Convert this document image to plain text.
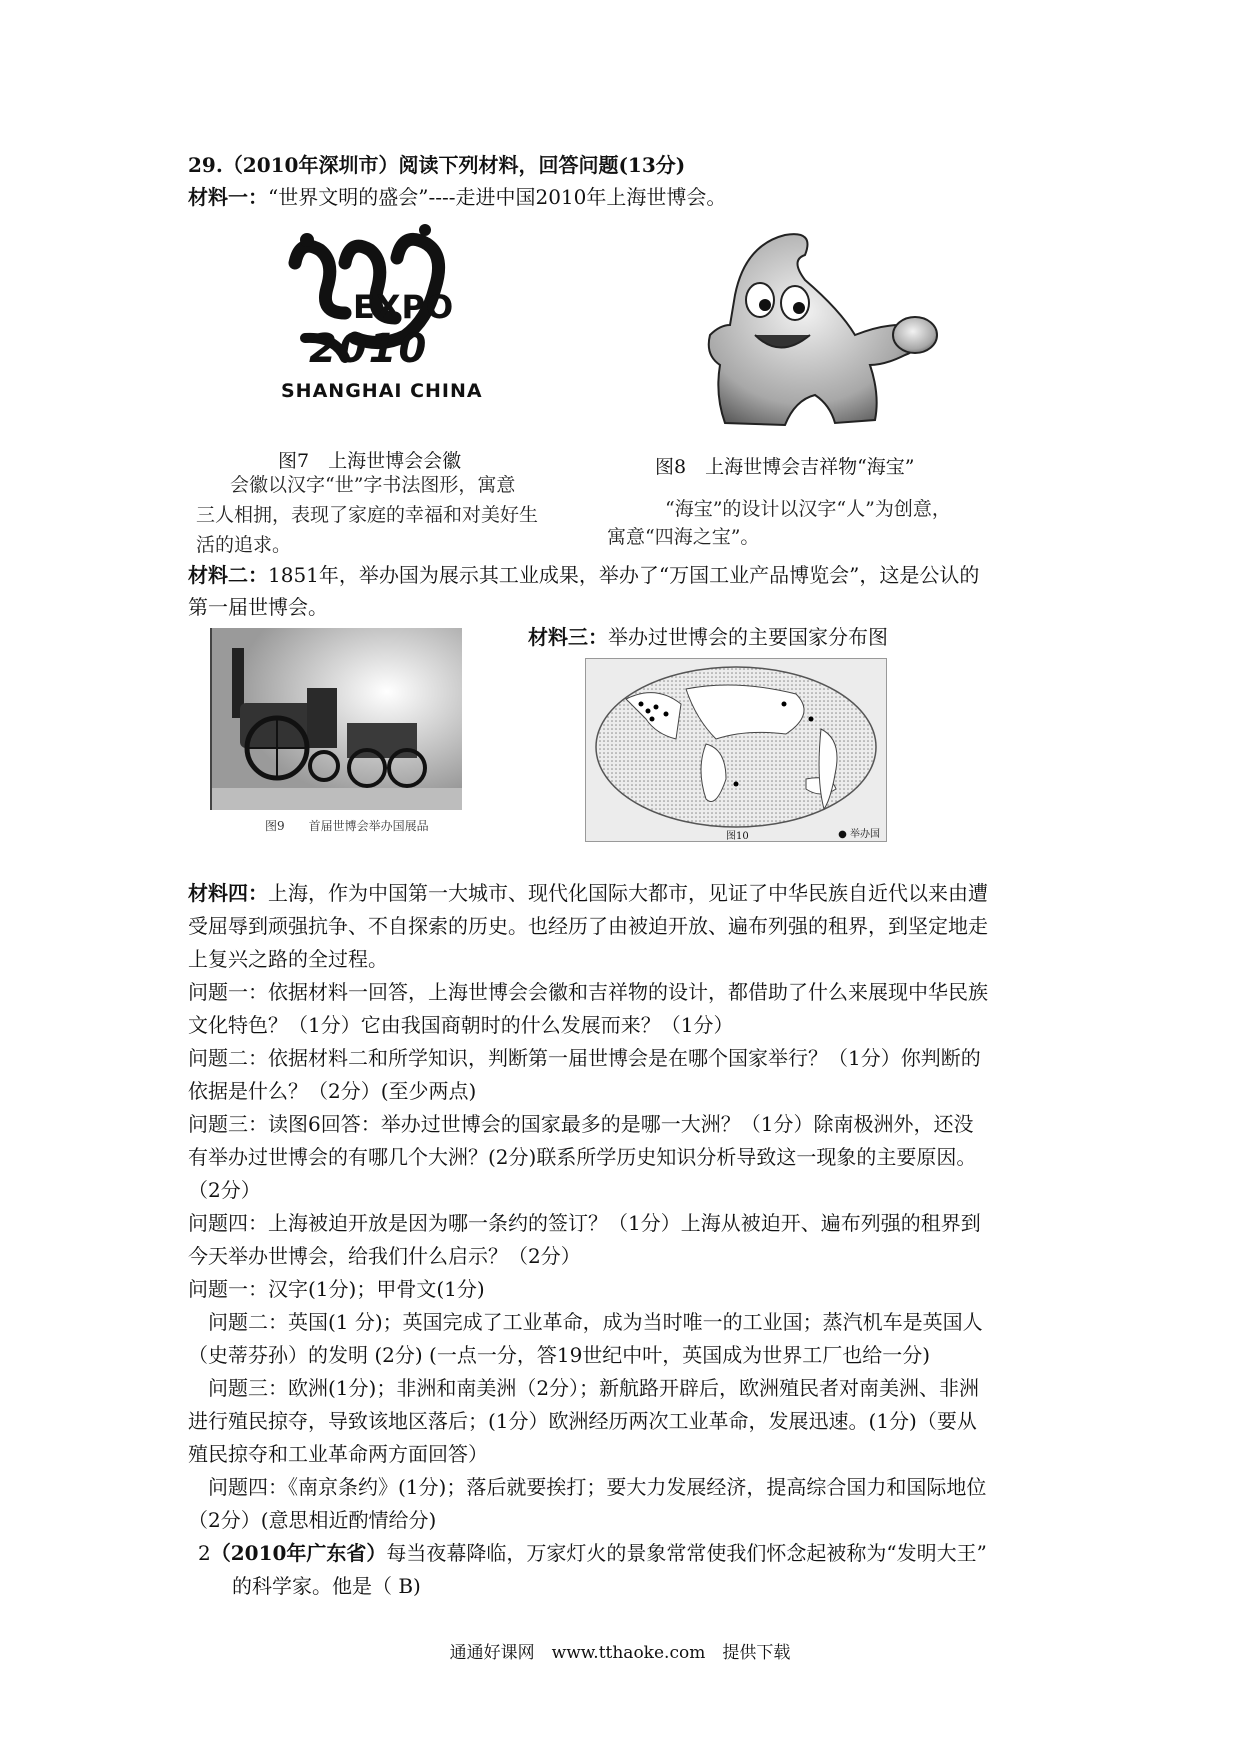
29.（2010年深圳市）阅读下列材料，回答问题(13分)
材料一：“世界文明的盛会”----走进中国2010年上海世博会。
EXPO
2010
SHANGHAI CHINA
图7　上海世博会会徽
会徽以汉字“世”字书法图形，寓意
三人相拥，表现了家庭的幸福和对美好生
活的追求。
图8　上海世博会吉祥物“海宝”
“海宝”的设计以汉字“人”为创意，
寓意“四海之宝”。
材料二：1851年，举办国为展示其工业成果，举办了“万国工业产品博览会”，这是公认的
第一届世博会。
图9　　首届世博会举办国展品
材料三：举办过世博会的主要国家分布图
图10	● 举办国
材料四：上海，作为中国第一大城市、现代化国际大都市，见证了中华民族自近代以来由遭
受屈辱到顽强抗争、不自探索的历史。也经历了由被迫开放、遍布列强的租界，到坚定地走
上复兴之路的全过程。
问题一：依据材料一回答，上海世博会会徽和吉祥物的设计，都借助了什么来展现中华民族
文化特色？（1分）它由我国商朝时的什么发展而来？（1分）
问题二：依据材料二和所学知识，判断第一届世博会是在哪个国家举行？（1分）你判断的
依据是什么？（2分）(至少两点)
问题三：读图6回答：举办过世博会的国家最多的是哪一大洲？（1分）除南极洲外，还没
有举办过世博会的有哪几个大洲？(2分)联系所学历史知识分析导致这一现象的主要原因。
（2分）
问题四：上海被迫开放是因为哪一条约的签订？（1分）上海从被迫开、遍布列强的租界到
今天举办世博会，给我们什么启示？（2分）
问题一：汉字(1分)；甲骨文(1分)
　问题二：英国(1 分)；英国完成了工业革命，成为当时唯一的工业国；蒸汽机车是英国人
（史蒂芬孙）的发明 (2分) (一点一分，答19世纪中叶，英国成为世界工厂也给一分)
　问题三：欧洲(1分)；非洲和南美洲（2分）；新航路开辟后，欧洲殖民者对南美洲、非洲
进行殖民掠夺，导致该地区落后；(1分）欧洲经历两次工业革命，发展迅速。(1分)（要从
殖民掠夺和工业革命两方面回答）
　问题四：《南京条约》(1分)；落后就要挨打；要大力发展经济，提高综合国力和国际地位
（2分）(意思相近酌情给分)
2（2010年广东省）每当夜幕降临，万家灯火的景象常常使我们怀念起被称为“发明大王”
的科学家。他是（ B)
通通好课网　www.tthaoke.com　提供下载
